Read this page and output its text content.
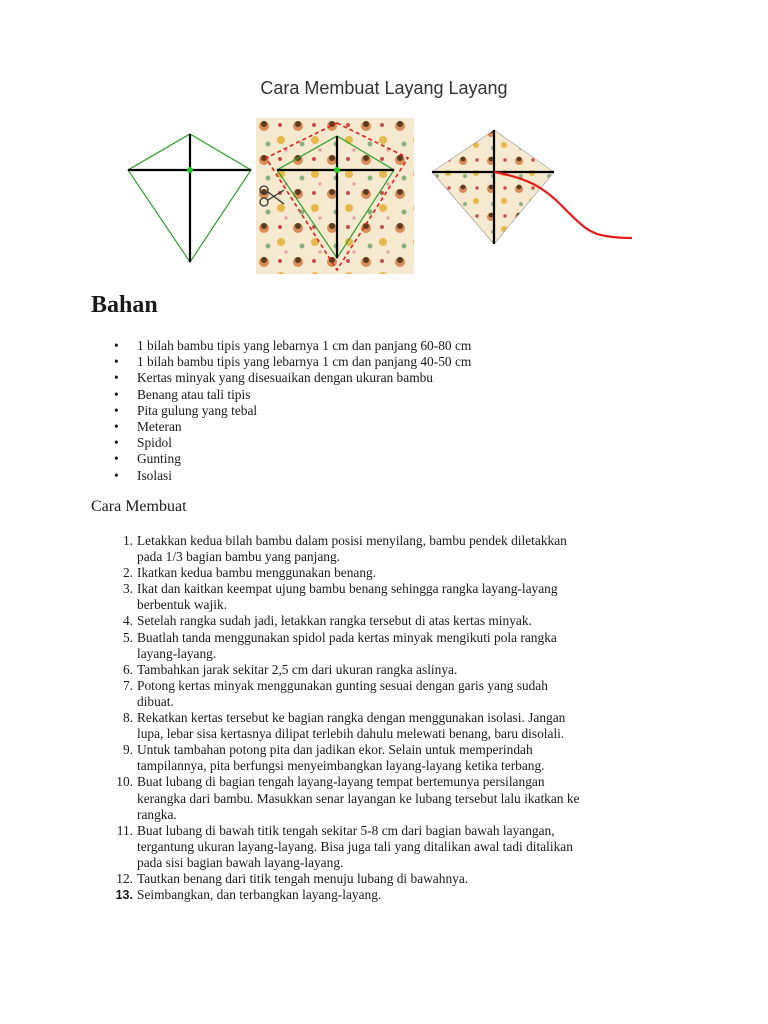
Cara Membuat Layang Layang
Bahan
• 1 bilah bambu tipis yang lebarnya 1 cm dan panjang 60-80 cm
• 1 bilah bambu tipis yang lebarnya 1 cm dan panjang 40-50 cm
• Kertas minyak yang disesuaikan dengan ukuran bambu
• Benang atau tali tipis
• Pita gulung yang tebal
• Meteran
• Spidol
• Gunting
• Isolasi
Cara Membuat
1. Letakkan kedua bilah bambu dalam posisi menyilang, bambu pendek diletakkan
pada 1/3 bagian bambu yang panjang.
2. Ikatkan kedua bambu menggunakan benang.
3. Ikat dan kaitkan keempat ujung bambu benang sehingga rangka layang-layang
berbentuk wajik.
4. Setelah rangka sudah jadi, letakkan rangka tersebut di atas kertas minyak.
5. Buatlah tanda menggunakan spidol pada kertas minyak mengikuti pola rangka
layang-layang.
6. Tambahkan jarak sekitar 2,5 cm dari ukuran rangka aslinya.
7. Potong kertas minyak menggunakan gunting sesuai dengan garis yang sudah
dibuat.
8. Rekatkan kertas tersebut ke bagian rangka dengan menggunakan isolasi. Jangan
lupa, lebar sisa kertasnya dilipat terlebih dahulu melewati benang, baru disolali.
9. Untuk tambahan potong pita dan jadikan ekor. Selain untuk memperindah
tampilannya, pita berfungsi menyeimbangkan layang-layang ketika terbang.
10. Buat lubang di bagian tengah layang-layang tempat bertemunya persilangan
kerangka dari bambu. Masukkan senar layangan ke lubang tersebut lalu ikatkan ke
rangka.
11. Buat lubang di bawah titik tengah sekitar 5-8 cm dari bagian bawah layangan,
tergantung ukuran layang-layang. Bisa juga tali yang ditalikan awal tadi ditalikan
pada sisi bagian bawah layang-layang.
12. Tautkan benang dari titik tengah menuju lubang di bawahnya.
13. Seimbangkan, dan terbangkan layang-layang.
